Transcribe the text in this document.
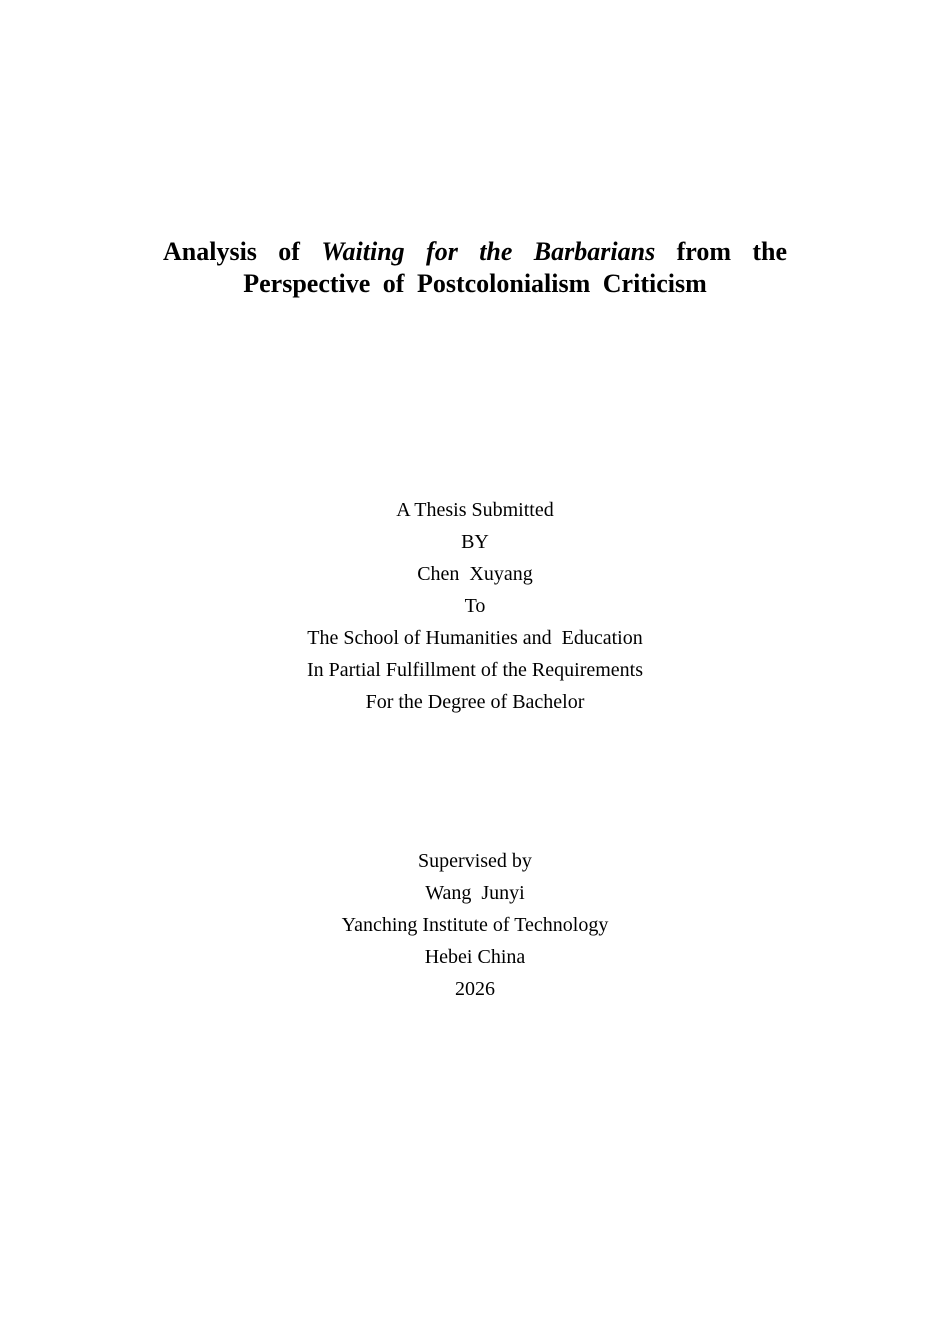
Analysis of Waiting for the Barbarians from the
Perspective of Postcolonialism Criticism
A Thesis Submitted
BY
Chen  Xuyang
To
The School of Humanities and  Education
In Partial Fulfillment of the Requirements
For the Degree of Bachelor
Supervised by
Wang  Junyi
Yanching Institute of Technology
Hebei China
2026
